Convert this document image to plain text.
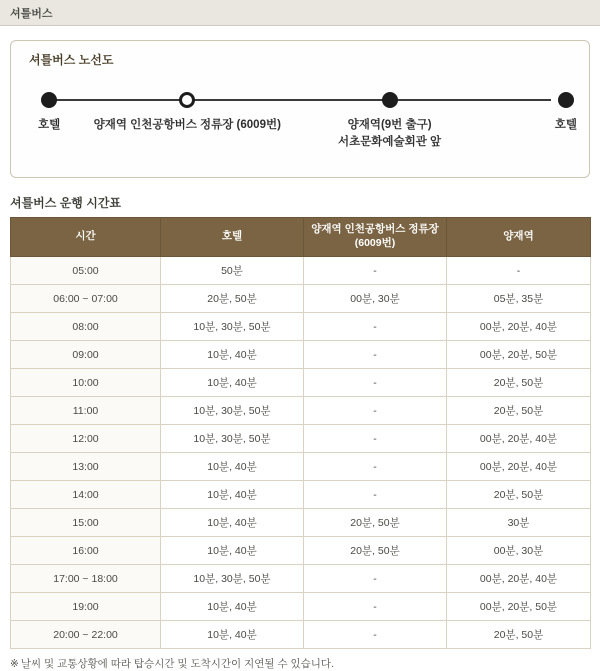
셔틀버스
셔틀버스 노선도
호텔	양재역 인천공항버스 정류장 (6009번)	양재역(9번 출구)
서초문화예술회관 앞
호텔
셔틀버스 운행 시간표
시간	호텔	양재역 인천공항버스 정류장 (6009번)	양재역
05:00	50분	-	-
06:00 ~ 07:00	20분, 50분	00분, 30분	05분, 35분
08:00	10분, 30분, 50분	-	00분, 20분, 40분
09:00	10분, 40분	-	00분, 20분, 50분
10:00	10분, 40분	-	20분, 50분
11:00	10분, 30분, 50분	-	20분, 50분
12:00	10분, 30분, 50분	-	00분, 20분, 40분
13:00	10분, 40분	-	00분, 20분, 40분
14:00	10분, 40분	-	20분, 50분
15:00	10분, 40분	20분, 50분	30분
16:00	10분, 40분	20분, 50분	00분, 30분
17:00 ~ 18:00	10분, 30분, 50분	-	00분, 20분, 40분
19:00	10분, 40분	-	00분, 20분, 50분
20:00 ~ 22:00	10분, 40분	-	20분, 50분
※ 날씨 및 교통상황에 따라 탑승시간 및 도착시간이 지연될 수 있습니다.
